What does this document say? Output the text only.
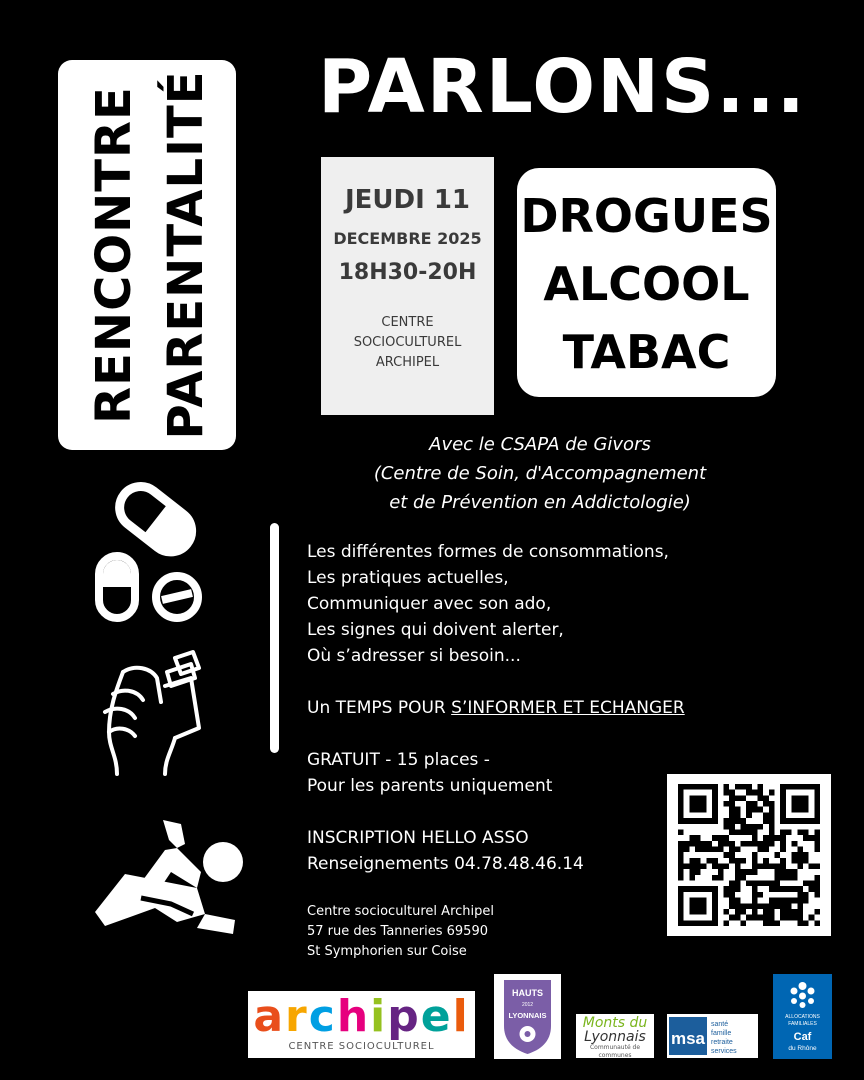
RENCONTRE PARENTALITÉ PARLONS...
JEUDI 11
DECEMBRE 2025
18H30-20H
CENTRE
SOCIOCULTUREL
ARCHIPEL
DROGUES
ALCOOL
TABAC
Avec le CSAPA de Givors
(Centre de Soin, d'Accompagnement
et de Prévention en Addictologie)
Les différentes formes de consommations,
Les pratiques actuelles,
Communiquer avec son ado,
Les signes qui doivent alerter,
Où s’adresser si besoin...
Un TEMPS POUR S’INFORMER ET ECHANGER
GRATUIT - 15 places -
Pour les parents uniquement
INSCRIPTION HELLO ASSO
Renseignements 04.78.48.46.14
Centre socioculturel Archipel
57 rue des Tanneries 69590
St Symphorien sur Coise
archipel
CENTRE SOCIOCULTUREL
HAUTS
2012
LYONNAIS	Monts du
Lyonnais
Communauté de communes
msa
santé
famille
retraite
services
ALLOCATIONS
FAMILIALES
Caf
du Rhône
